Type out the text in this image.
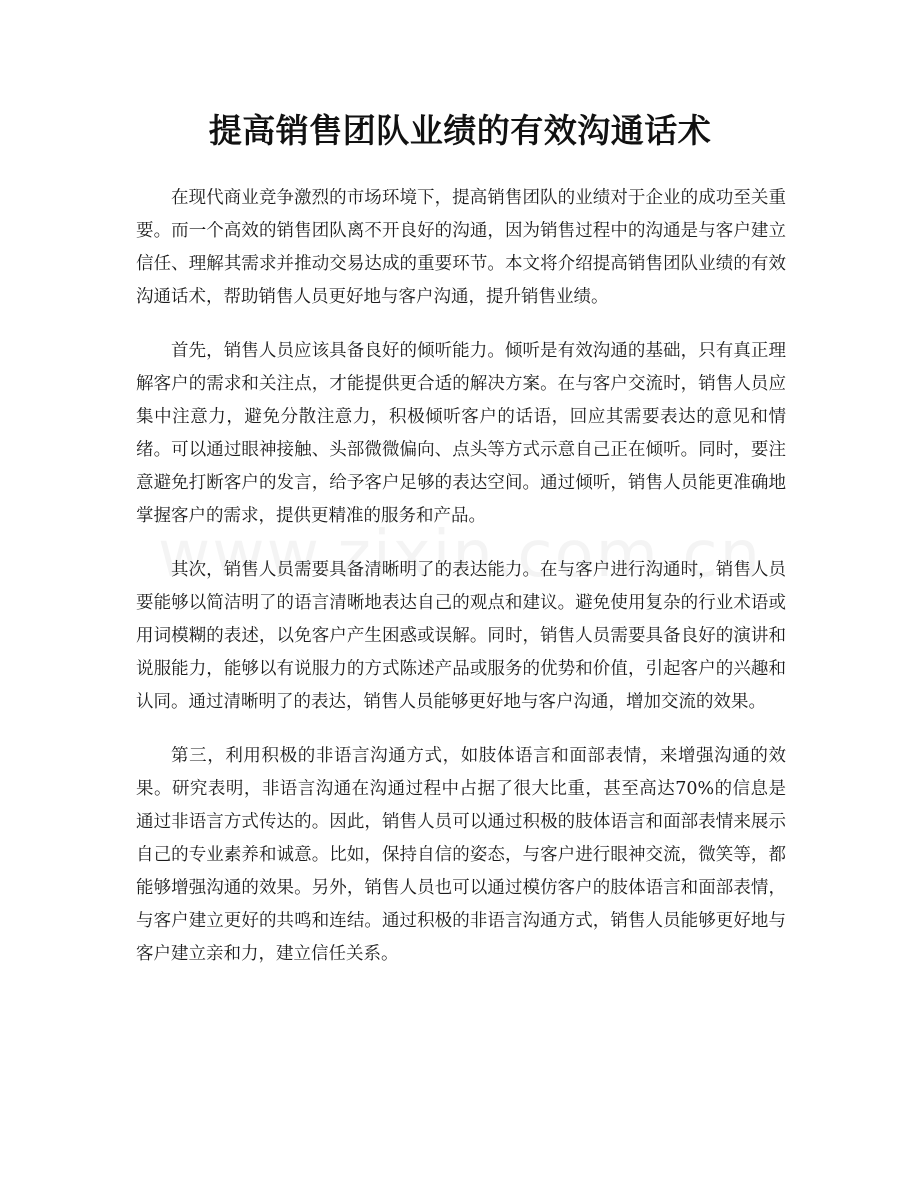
提高销售团队业绩的有效沟通话术

在现代商业竞争激烈的市场环境下，提高销售团队的业绩对于企业的成功至关重要。而一个高效的销售团队离不开良好的沟通，因为销售过程中的沟通是与客户建立信任、理解其需求并推动交易达成的重要环节。本文将介绍提高销售团队业绩的有效沟通话术，帮助销售人员更好地与客户沟通，提升销售业绩。

首先，销售人员应该具备良好的倾听能力。倾听是有效沟通的基础，只有真正理解客户的需求和关注点，才能提供更合适的解决方案。在与客户交流时，销售人员应集中注意力，避免分散注意力，积极倾听客户的话语，回应其需要表达的意见和情绪。可以通过眼神接触、头部微微偏向、点头等方式示意自己正在倾听。同时，要注意避免打断客户的发言，给予客户足够的表达空间。通过倾听，销售人员能更准确地掌握客户的需求，提供更精准的服务和产品。

其次，销售人员需要具备清晰明了的表达能力。在与客户进行沟通时，销售人员要能够以简洁明了的语言清晰地表达自己的观点和建议。避免使用复杂的行业术语或用词模糊的表述，以免客户产生困惑或误解。同时，销售人员需要具备良好的演讲和说服能力，能够以有说服力的方式陈述产品或服务的优势和价值，引起客户的兴趣和认同。通过清晰明了的表达，销售人员能够更好地与客户沟通，增加交流的效果。

第三，利用积极的非语言沟通方式，如肢体语言和面部表情，来增强沟通的效果。研究表明，非语言沟通在沟通过程中占据了很大比重，甚至高达70%的信息是通过非语言方式传达的。因此，销售人员可以通过积极的肢体语言和面部表情来展示自己的专业素养和诚意。比如，保持自信的姿态，与客户进行眼神交流，微笑等，都能够增强沟通的效果。另外，销售人员也可以通过模仿客户的肢体语言和面部表情，与客户建立更好的共鸣和连结。通过积极的非语言沟通方式，销售人员能够更好地与客户建立亲和力，建立信任关系。
